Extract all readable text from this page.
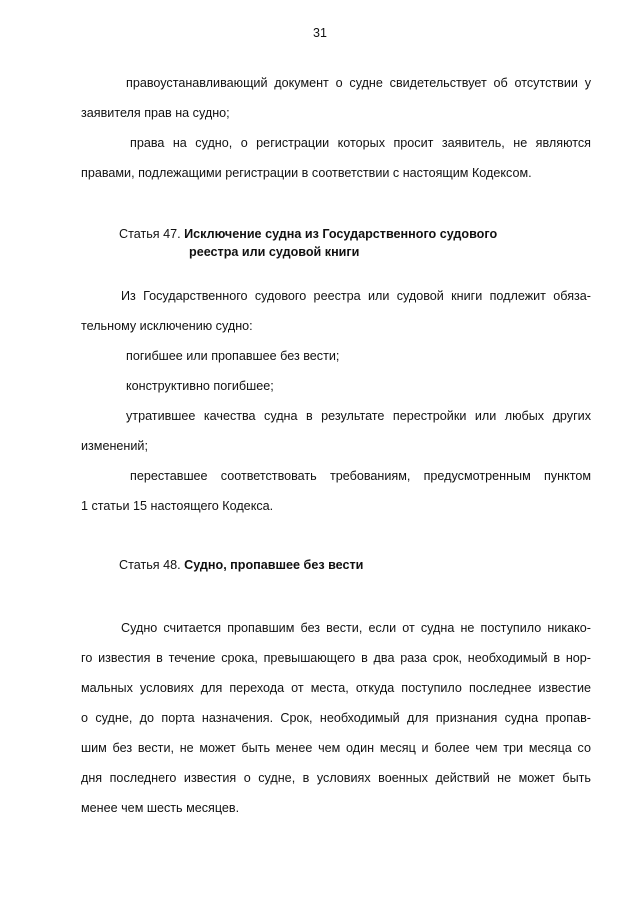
31
правоустанавливающий документ о судне свидетельствует об отсутствии у
заявителя прав на судно;
права на судно, о регистрации которых просит заявитель, не являются
правами, подлежащими регистрации в соответствии с настоящим Кодексом.
Статья 47. Исключение судна из Государственного судового
реестра или судовой книги
Из Государственного судового реестра или судовой книги подлежит обяза-
тельному исключению судно:
погибшее или пропавшее без вести;
конструктивно погибшее;
утратившее качества судна в результате перестройки или любых других
изменений;
переставшее соответствовать требованиям, предусмотренным пунктом
1 статьи 15 настоящего Кодекса.
Статья 48. Судно, пропавшее без вести
Судно считается пропавшим без вести, если от судна не поступило никако-
го известия в течение срока, превышающего в два раза срок, необходимый в нор-
мальных условиях для перехода от места, откуда поступило последнее известие
о судне, до порта назначения. Срок, необходимый для признания судна пропав-
шим без вести, не может быть менее чем один месяц и более чем три месяца со
дня последнего известия о судне, в условиях военных действий не может быть
менее чем шесть месяцев.
